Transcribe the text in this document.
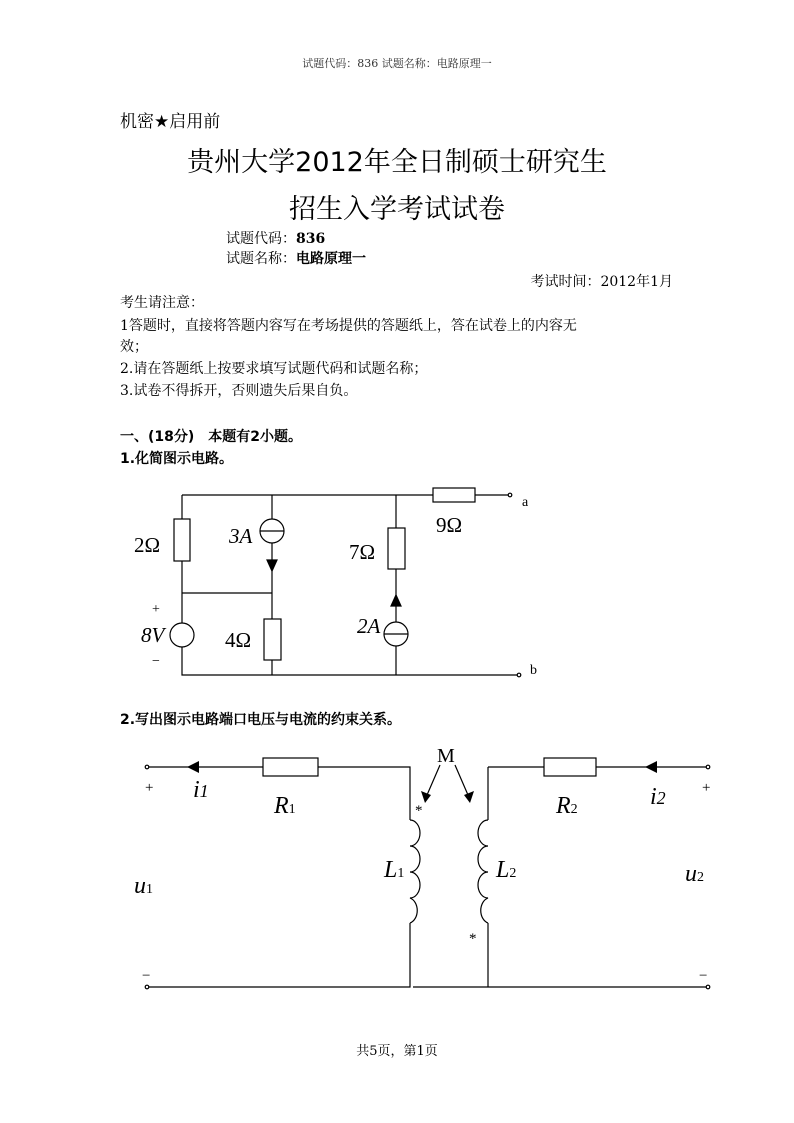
试题代码：836 试题名称：电路原理一
机密★启用前
贵州大学2012年全日制硕士研究生
招生入学考试试卷
试题代码：836
试题名称：电路原理一
考试时间：2012年1月
考生请注意：
1答题时，直接将答题内容写在考场提供的答题纸上，答在试卷上的内容无
效；
2.请在答题纸上按要求填写试题代码和试题名称；
3.试卷不得拆开，否则遗失后果自负。
一、(18分)　本题有2小题。
1.化简图示电路。
2.写出图示电路端口电压与电流的约束关系。
2Ω	3A
7Ω
9Ω
8V	4Ω
2A
+
−
a
b
M
+	+
−	−
*
*
i1	i2
R1	R2
L1	L2
u1
u2
共5页，第1页
